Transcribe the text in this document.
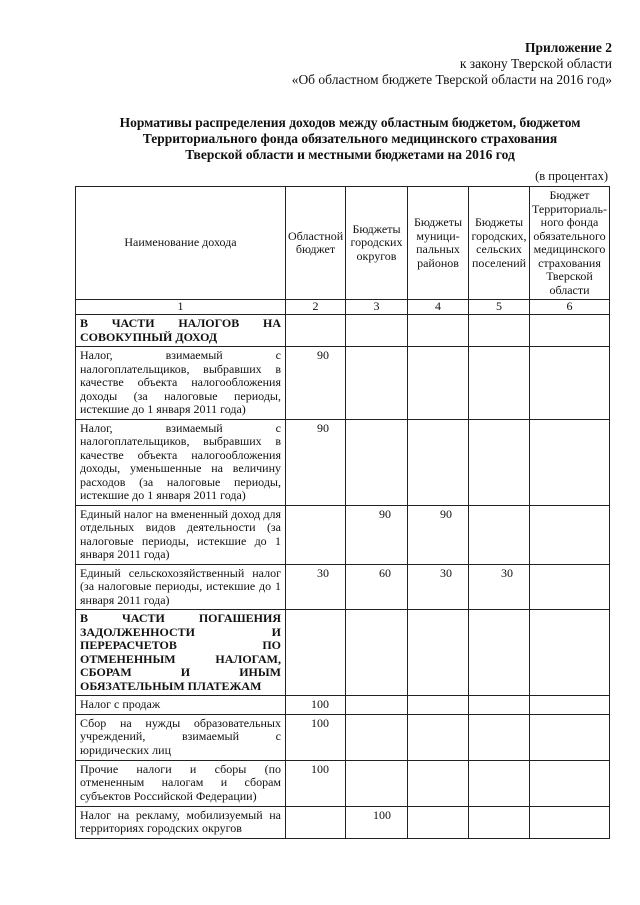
Приложение 2
к закону Тверской области
«Об областном бюджете Тверской области на 2016 год»
Нормативы распределения доходов между областным бюджетом, бюджетом
Территориального фонда обязательного медицинского страхования
Тверской области и местными бюджетами на 2016 год
(в процентах)
Наименование дохода	Областной бюджет	Бюджеты городских округов	Бюджеты муници-пальных районов	Бюджеты городских, сельских поселений	Бюджет Территориаль-ного фонда обязательного медицинского страхования Тверской области
1	2	3	4	5	6
В ЧАСТИ НАЛОГОВ НА СОВОКУПНЫЙ ДОХОД					
Налог, взимаемый с налогоплательщиков, выбравших в качестве объекта налогообложения доходы (за налоговые периоды, истекшие до 1 января 2011 года)	90				
Налог, взимаемый с налогоплательщиков, выбравших в качестве объекта налогообложения доходы, уменьшенные на величину расходов (за налоговые периоды, истекшие до 1 января 2011 года)	90				
Единый налог на вмененный доход для отдельных видов деятельности (за налоговые периоды, истекшие до 1 января 2011 года)		90	90		
Единый сельскохозяйственный налог (за налоговые периоды, истекшие до 1 января 2011 года)	30	60	30	30	
В ЧАСТИ ПОГАШЕНИЯ ЗАДОЛЖЕННОСТИ И ПЕРЕРАСЧЕТОВ ПО ОТМЕНЕННЫМ НАЛОГАМ, СБОРАМ И ИНЫМ ОБЯЗАТЕЛЬНЫМ ПЛАТЕЖАМ					
Налог с продаж	100				
Сбор на нужды образовательных учреждений, взимаемый с юридических лиц	100				
Прочие налоги и сборы (по отмененным налогам и сборам субъектов Российской Федерации)	100				
Налог на рекламу, мобилизуемый на территориях городских округов		100			
